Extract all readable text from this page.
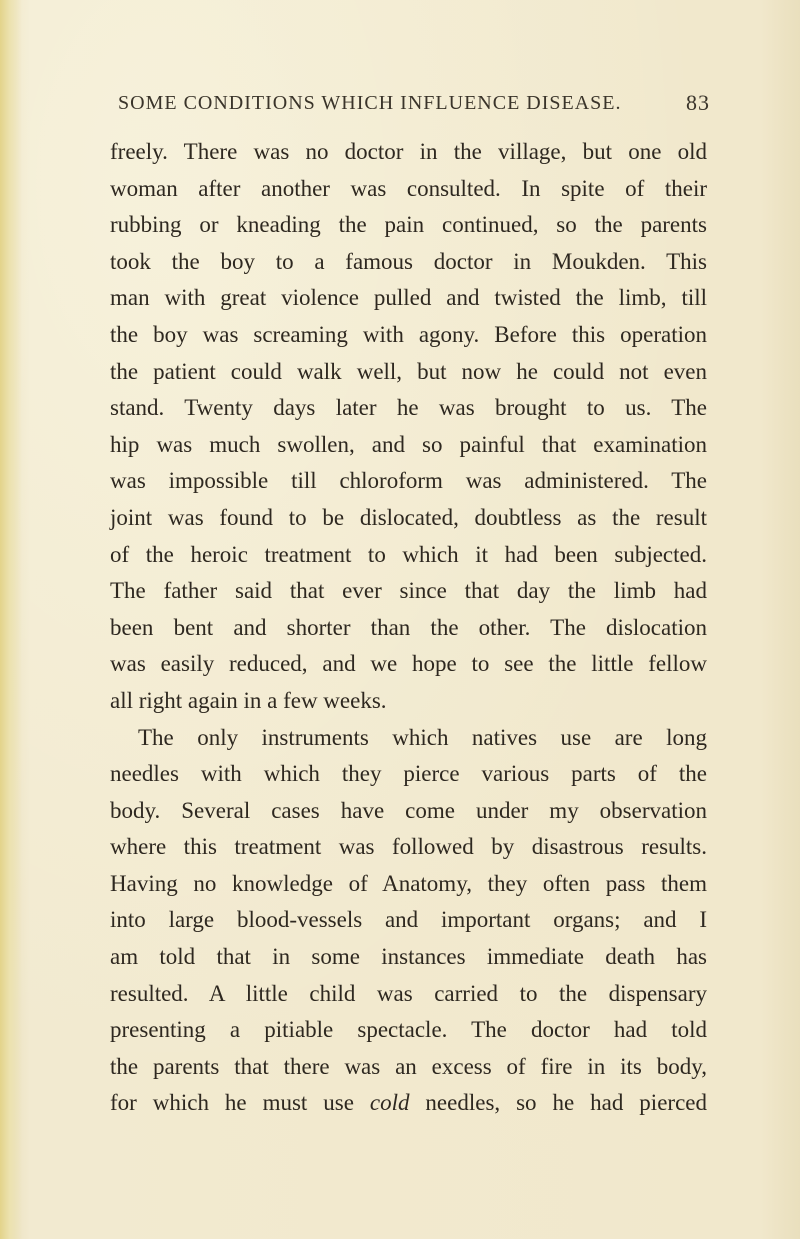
SOME CONDITIONS WHICH INFLUENCE DISEASE.	83
freely. There was no doctor in the village, but one old
woman after another was consulted. In spite of their
rubbing or kneading the pain continued, so the parents
took the boy to a famous doctor in Moukden. This
man with great violence pulled and twisted the limb, till
the boy was screaming with agony. Before this operation
the patient could walk well, but now he could not even
stand. Twenty days later he was brought to us. The
hip was much swollen, and so painful that examination
was impossible till chloroform was administered. The
joint was found to be dislocated, doubtless as the result
of the heroic treatment to which it had been subjected.
The father said that ever since that day the limb had
been bent and shorter than the other. The dislocation
was easily reduced, and we hope to see the little fellow
all right again in a few weeks.
The only instruments which natives use are long
needles with which they pierce various parts of the
body. Several cases have come under my observation
where this treatment was followed by disastrous results.
Having no knowledge of Anatomy, they often pass them
into large blood-vessels and important organs; and I
am told that in some instances immediate death has
resulted. A little child was carried to the dispensary
presenting a pitiable spectacle. The doctor had told
the parents that there was an excess of fire in its body,
for which he must use cold needles, so he had pierced
